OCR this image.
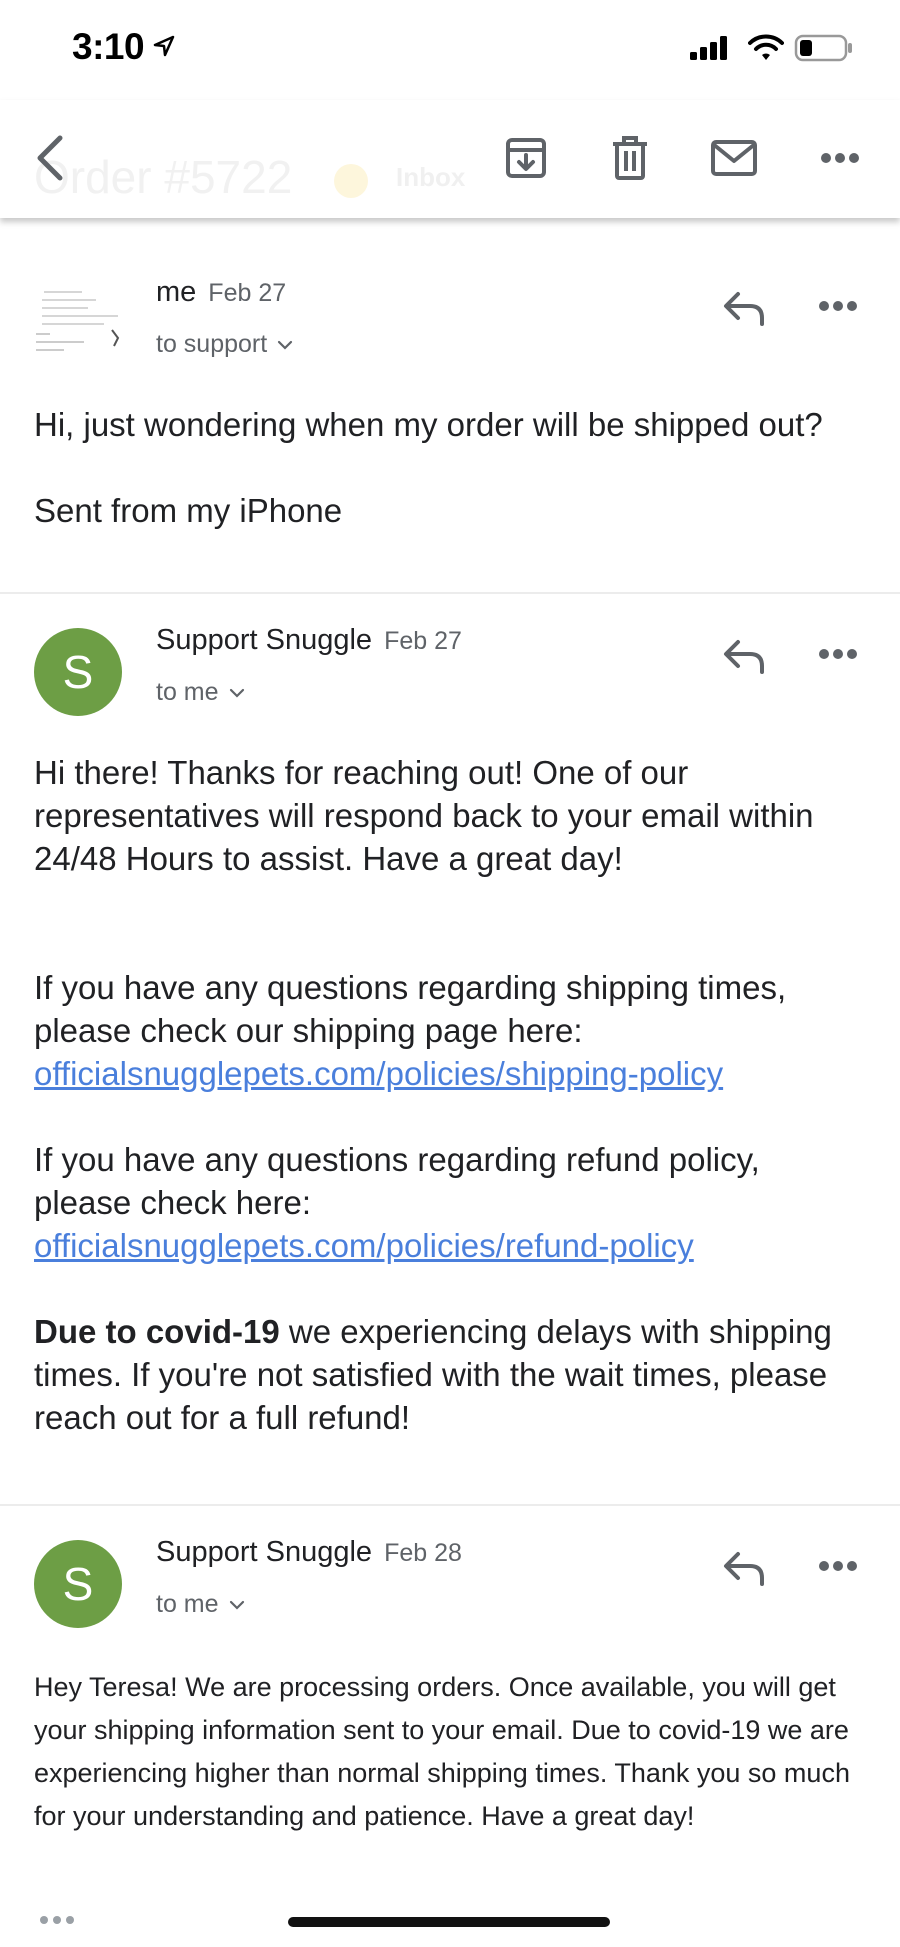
3:10
Order #5722	Inbox
me Feb 27
to support

Hi, just wondering when my order will be shipped out?

Sent from my iPhone

S
Support Snuggle Feb 27
to me

Hi there! Thanks for reaching out! One of our representatives will respond back to your email within 24/48 Hours to assist. Have a great day!

If you have any questions regarding shipping times, please check our shipping page here: officialsnugglepets.com/policies/shipping-policy

If you have any questions regarding refund policy, please check here: officialsnugglepets.com/policies/refund-policy

Due to covid-19 we experiencing delays with shipping times. If you're not satisfied with the wait times, please reach out for a full refund!

S
Support Snuggle Feb 28
to me

Hey Teresa! We are processing orders. Once available, you will get your shipping information sent to your email. Due to covid-19 we are experiencing higher than normal shipping times. Thank you so much for your understanding and patience. Have a great day!
